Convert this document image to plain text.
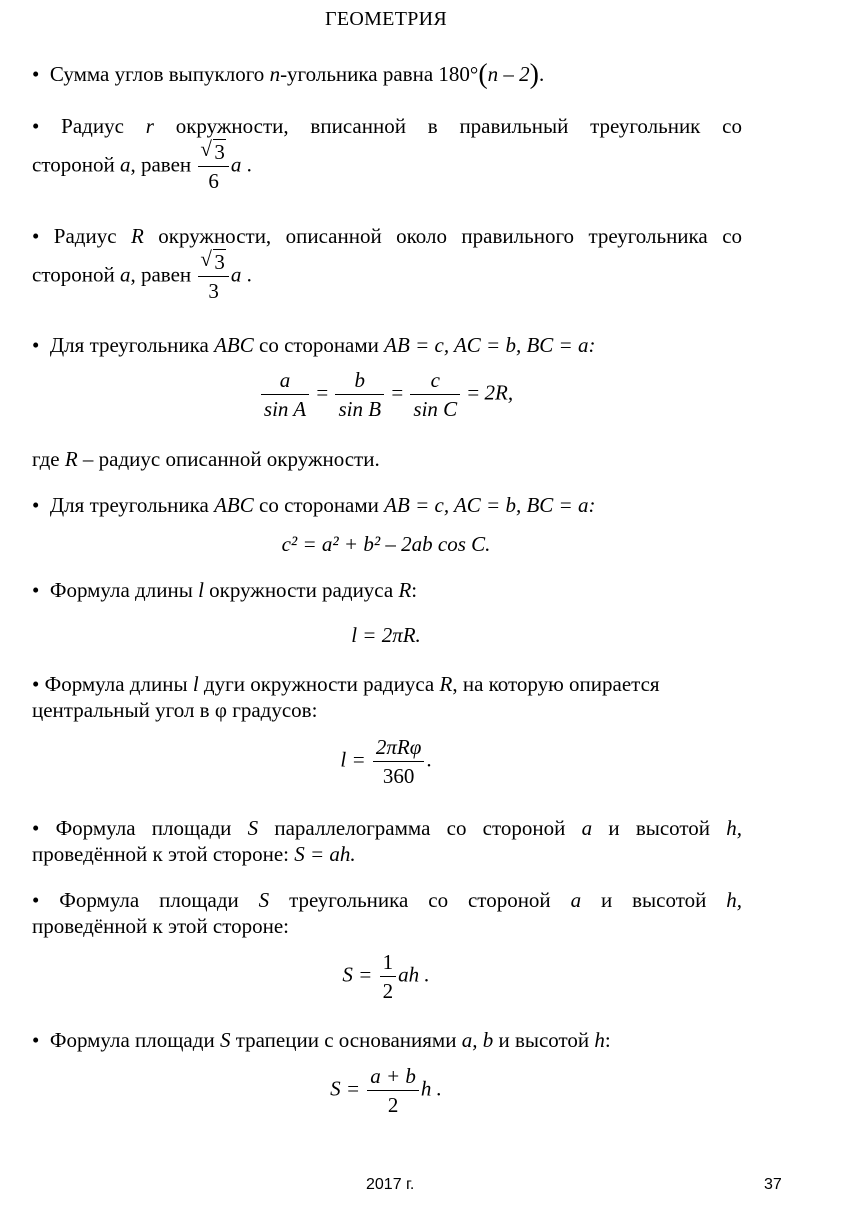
ГЕОМЕТРИЯ
•  Сумма углов выпуклого n-угольника равна 180°(n – 2).
• Радиус r окружности, вписанной в правильный треугольник со
стороной a, равен √ $\frac{3}{6}$ a .
• Радиус R окружности, описанной около правильного треугольника со
стороной a, равен √ $\frac{3}{3}$ a .
•  Для треугольника ABC со сторонами AB = c, AC = b, BC = a:
$\frac{a}{\text{sin A}} = \frac{b}{\text{sin B}} = \frac{c}{\text{sin C}} = 2R$,
где R – радиус описанной окружности.
•  Для треугольника ABC со сторонами AB = c, AC = b, BC = a:
c² = a² + b² – 2ab cos C.
•  Формула длины l окружности радиуса R:
l = 2πR.
• Формула длины l дуги окружности радиуса R, на которую опирается
центральный угол в φ градусов:
$l = \frac{\text{2πRφ}}{360}$ .
• Формула площади S параллелограмма со стороной a и высотой h,
проведённой к этой стороне: S = ah.
• Формула площади S треугольника со стороной a и высотой h,
проведённой к этой стороне:
$S = \frac{1}{2}$ ah .
•  Формула площади S трапеции с основаниями a, b и высотой h:
$S = \frac{a + b}{2}$ h .
2017 г.	37
